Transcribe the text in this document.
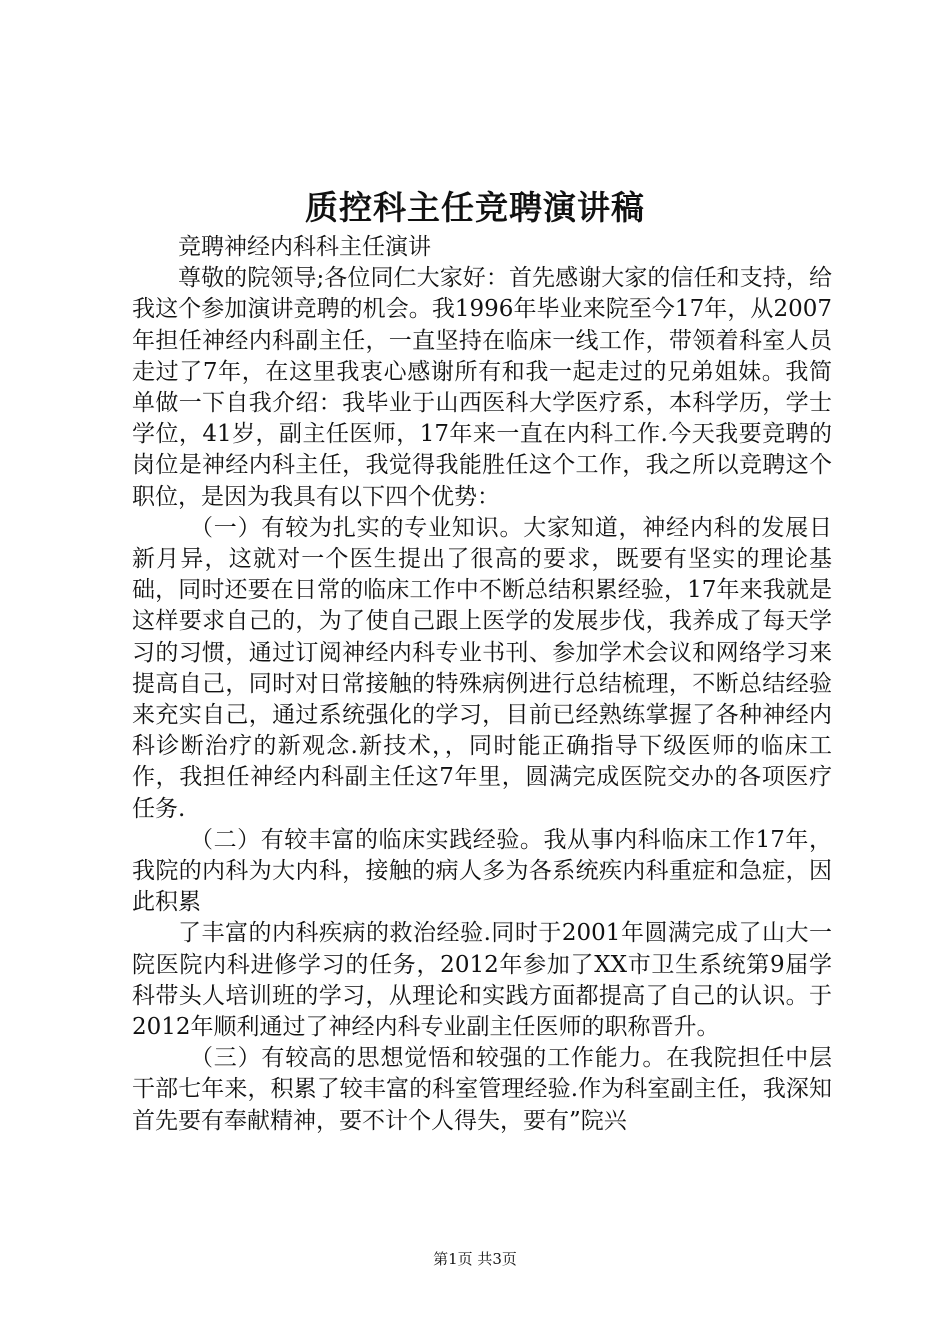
质控科主任竞聘演讲稿

竞聘神经内科科主任演讲

尊敬的院领导;各位同仁大家好：首先感谢大家的信任和支持，给我这个参加演讲竞聘的机会。我1996年毕业来院至今17年，从2007年担任神经内科副主任，一直坚持在临床一线工作，带领着科室人员走过了7年，在这里我衷心感谢所有和我一起走过的兄弟姐妹。我简单做一下自我介绍：我毕业于山西医科大学医疗系，本科学历，学士学位，41岁，副主任医师，17年来一直在内科工作.今天我要竞聘的岗位是神经内科主任，我觉得我能胜任这个工作，我之所以竞聘这个职位，是因为我具有以下四个优势：

（一）有较为扎实的专业知识。大家知道，神经内科的发展日新月异，这就对一个医生提出了很高的要求，既要有坚实的理论基础，同时还要在日常的临床工作中不断总结积累经验，17年来我就是这样要求自己的，为了使自己跟上医学的发展步伐，我养成了每天学习的习惯，通过订阅神经内科专业书刊、参加学术会议和网络学习来提高自己，同时对日常接触的特殊病例进行总结梳理，不断总结经验来充实自己，通过系统强化的学习，目前已经熟练掌握了各种神经内科诊断治疗的新观念.新技术，，同时能正确指导下级医师的临床工作，我担任神经内科副主任这7年里，圆满完成医院交办的各项医疗任务.

（二）有较丰富的临床实践经验。我从事内科临床工作17年，我院的内科为大内科，接触的病人多为各系统疾内科重症和急症，因此积累

了丰富的内科疾病的救治经验.同时于2001年圆满完成了山大一院医院内科进修学习的任务，2012年参加了XX市卫生系统第9届学科带头人培训班的学习，从理论和实践方面都提高了自己的认识。于2012年顺利通过了神经内科专业副主任医师的职称晋升。

（三）有较高的思想觉悟和较强的工作能力。在我院担任中层干部七年来，积累了较丰富的科室管理经验.作为科室副主任，我深知首先要有奉献精神，要不计个人得失，要有”院兴

第1页 共3页
